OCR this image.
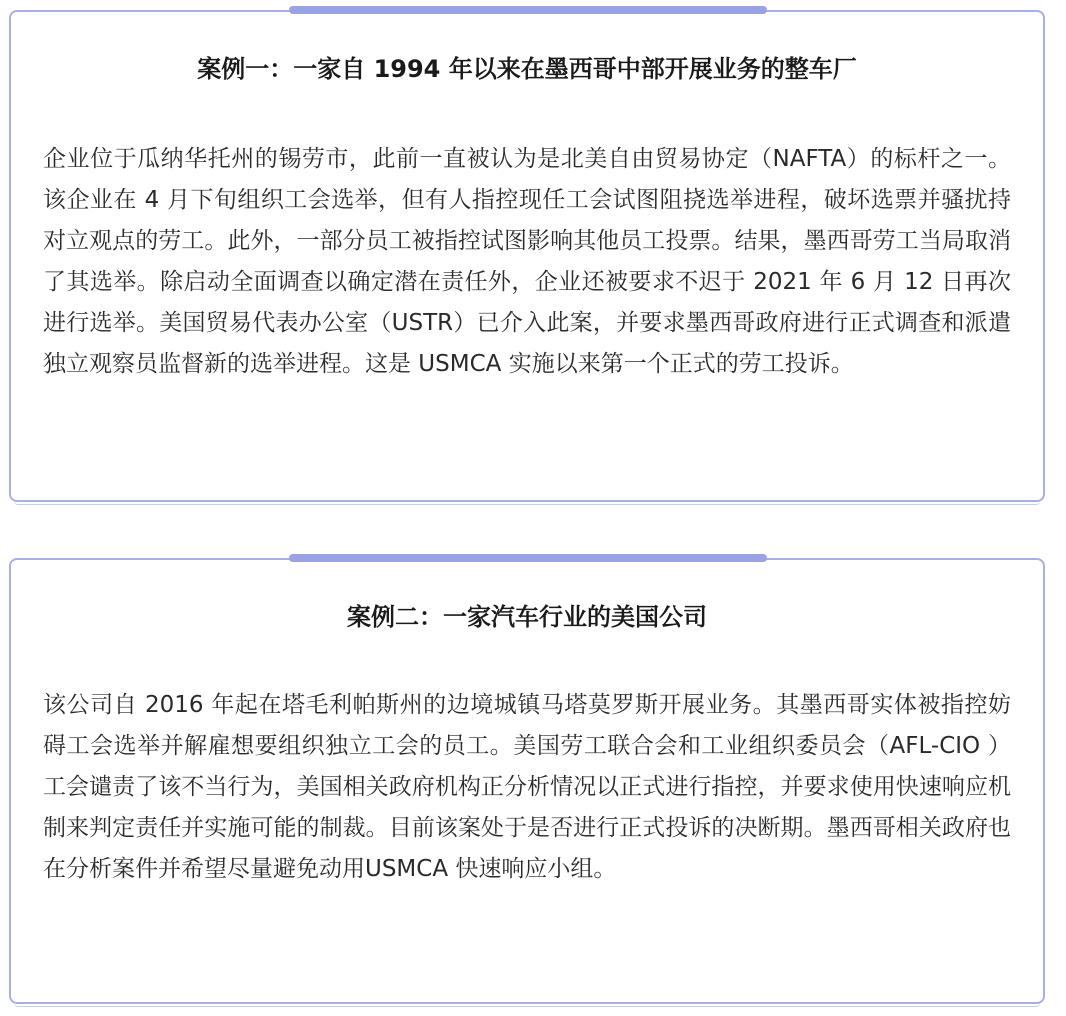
案例一：一家自 1994 年以来在墨西哥中部开展业务的整车厂

企业位于瓜纳华托州的锡劳市，此前一直被认为是北美自由贸易协定（NAFTA）的标杆之一。该企业在 4 月下旬组织工会选举，但有人指控现任工会试图阻挠选举进程，破坏选票并骚扰持对立观点的劳工。此外，一部分员工被指控试图影响其他员工投票。结果，墨西哥劳工当局取消了其选举。除启动全面调查以确定潜在责任外，企业还被要求不迟于 2021 年 6 月 12 日再次进行选举。美国贸易代表办公室（USTR）已介入此案，并要求墨西哥政府进行正式调查和派遣独立观察员监督新的选举进程。这是 USMCA 实施以来第一个正式的劳工投诉。

案例二：一家汽车行业的美国公司

该公司自 2016 年起在塔毛利帕斯州的边境城镇马塔莫罗斯开展业务。其墨西哥实体被指控妨碍工会选举并解雇想要组织独立工会的员工。美国劳工联合会和工业组织委员会（AFL-CIO ）工会谴责了该不当行为，美国相关政府机构正分析情况以正式进行指控，并要求使用快速响应机制来判定责任并实施可能的制裁。目前该案处于是否进行正式投诉的决断期。墨西哥相关政府也在分析案件并希望尽量避免动用USMCA 快速响应小组。
